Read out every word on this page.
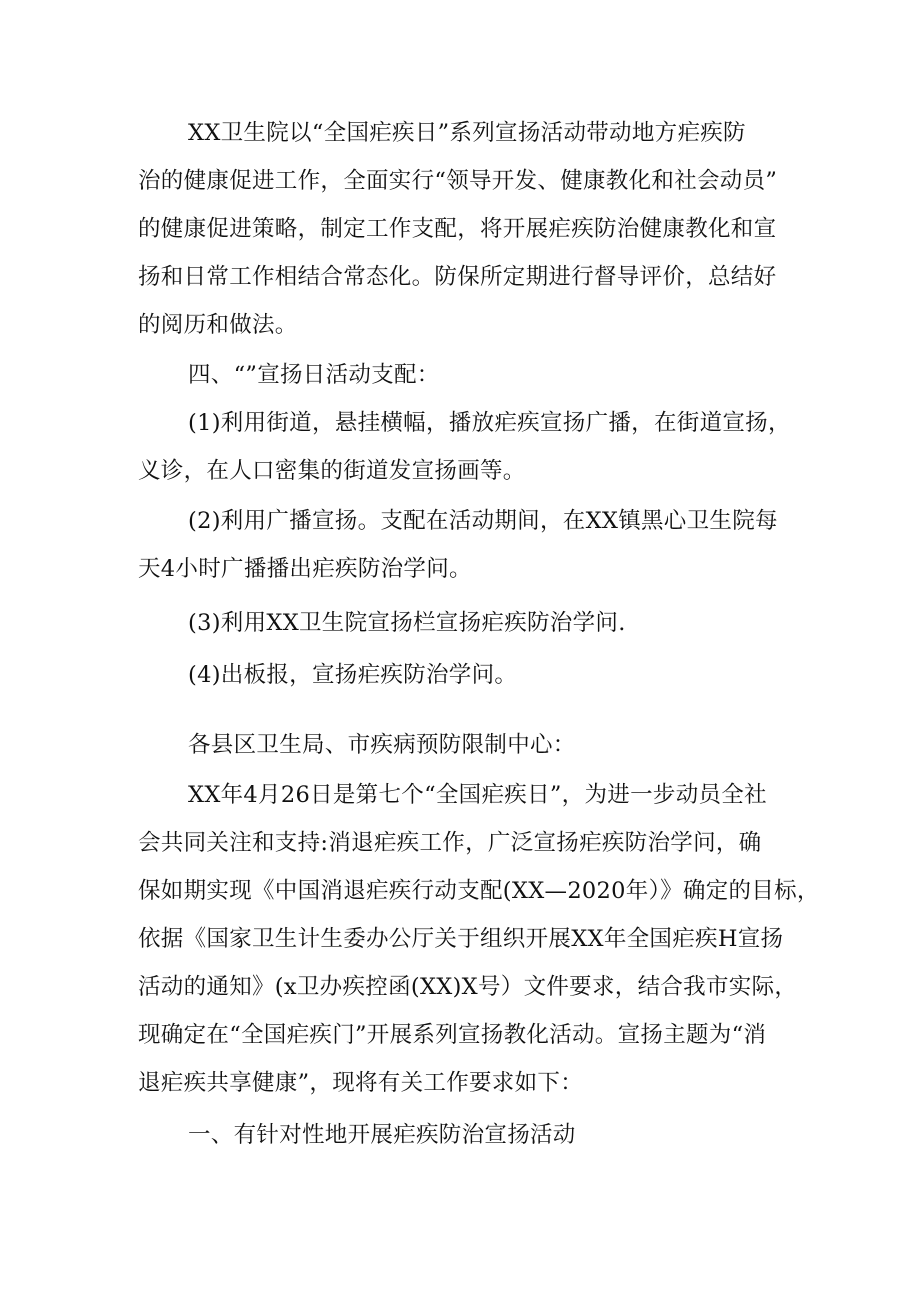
XX卫生院以“全国疟疾日”系列宣扬活动带动地方疟疾防
治的健康促进工作，全面实行“领导开发、健康教化和社会动员”
的健康促进策略，制定工作支配，将开展疟疾防治健康教化和宣
扬和日常工作相结合常态化。防保所定期进行督导评价，总结好
的阅历和做法。
四、“”宣扬日活动支配：
(1)利用街道，悬挂横幅，播放疟疾宣扬广播，在街道宣扬，
义诊，在人口密集的街道发宣扬画等。
(2)利用广播宣扬。支配在活动期间，在XX镇黑心卫生院每
天4小时广播播出疟疾防治学问。
(3)利用XX卫生院宣扬栏宣扬疟疾防治学问.
(4)出板报，宣扬疟疾防治学问。
各县区卫生局、市疾病预防限制中心：
XX年4月26日是第七个“全国疟疾日”，为进一步动员全社
会共同关注和支持:消退疟疾工作，广泛宣扬疟疾防治学问，确
保如期实现《中国消退疟疾行动支配(XX—2020年）》确定的目标，
依据《国家卫生计生委办公厅关于组织开展XX年全国疟疾H宣扬
活动的通知》(x卫办疾控函(XX)X号）文件要求，结合我市实际，
现确定在“全国疟疾门”开展系列宣扬教化活动。宣扬主题为“消
退疟疾共享健康”，现将有关工作要求如下：
一、有针对性地开展疟疾防治宣扬活动
